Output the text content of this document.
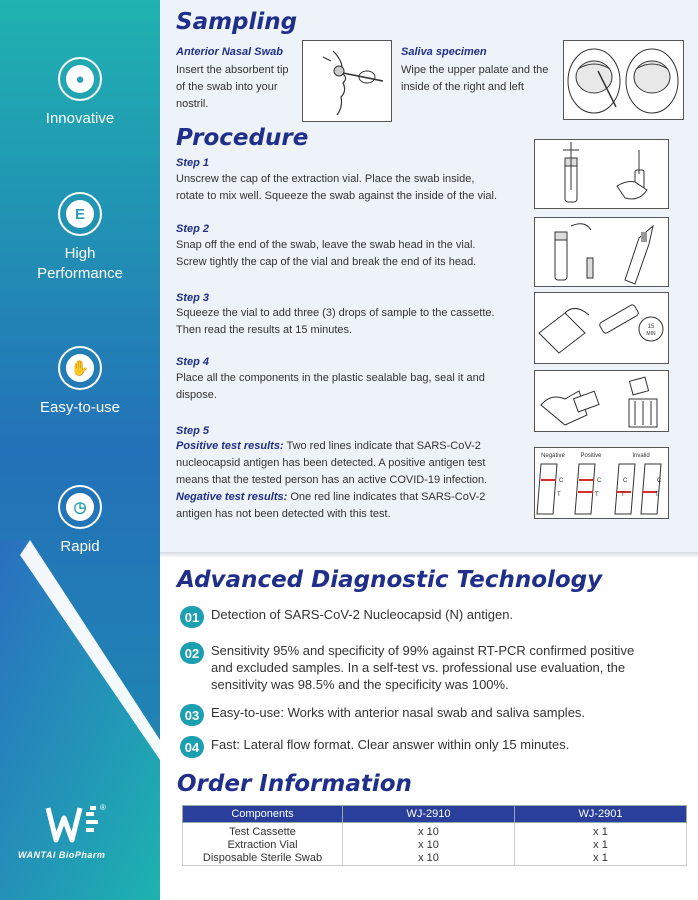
●
Innovative
E
High
Performance
✋
Easy-to-use
◷
Rapid
®
WANTAI BioPharm
Sampling
Anterior Nasal Swab
Insert the absorbent tip
of the swab into your
nostril.
Saliva specimen
Wipe the upper palate and the
inside of the right and left
Procedure
Step 1
Unscrew the cap of the extraction vial. Place the swab inside,
rotate to mix well. Squeeze the swab against the inside of the vial.
Step 2
Snap off the end of the swab, leave the swab head in the vial.
Screw tightly the cap of the vial and break the end of its head.
Step 3
Squeeze the vial to add three (3) drops of sample to the cassette.
Then read the results at 15 minutes.	15
MIN
Step 4
Place all the components in the plastic sealable bag, seal it and
dispose.
Step 5
Positive test results: Two red lines indicate that SARS-CoV-2
nucleocapsid antigen has been detected. A positive antigen test
means that the tested person has an active COVID-19 infection.
Negative test results: One red line indicates that SARS-CoV-2
antigen has not been detected with this test.
Negative	Positive	Invalid
C
T
C
T
C
T
C
T
Advanced Diagnostic Technology
01 Detection of SARS-CoV-2 Nucleocapsid (N) antigen.
02 Sensitivity 95% and specificity of 99% against RT-PCR confirmed positive
and excluded samples. In a self-test vs. professional use evaluation, the
sensitivity was 98.5% and the specificity was 100%.
03 Easy-to-use: Works with anterior nasal swab and saliva samples.
04 Fast: Lateral flow format. Clear answer within only 15 minutes.
Order Information
Components	WJ-2910	WJ-2901
Test Cassette	x 10	x 1
Extraction Vial	x 10	x 1
Disposable Sterile Swab	x 10	x 1
